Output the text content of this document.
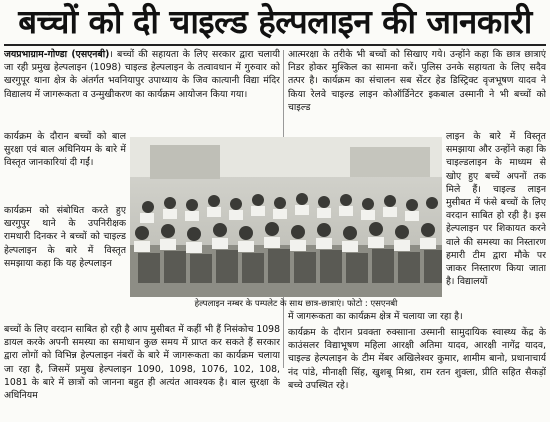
बच्चों को दी चाइल्ड हेल्पलाइन की जानकारी

जयप्रभाग्राम-गोण्डा (एसएनबी)। बच्चों की सहायता के लिए सरकार द्वारा चलायी जा रही प्रमुख हेल्पलाइन (1098) चाइल्ड हेल्पलाइन के तत्वावधान में गुरुवार को खरगुपूर थाना क्षेत्र के अंतर्गत भवनियापुर उपाध्याय के जिव कात्यानी विद्या मंदिर विद्यालय में जागरूकता व उन्मुखीकरण का कार्यक्रम आयोजन किया गया।

आत्मरक्षा के तरीके भी बच्चों को सिखाए गये। उन्होंने कहा कि छात्र छात्राएं निडर होकर मुश्किल का सामना करें। पुलिस उनके सहायता के लिए सदैव तत्पर है। कार्यक्रम का संचालन सब सेंटर हेड डिस्ट्रिक्ट वृजभूषण यादव ने किया रेलवे चाइल्ड लाइन कोऑर्डिनेटर इकबाल उस्मानी ने भी बच्चों को चाइल्ड

कार्यक्रम के दौरान बच्चों को बाल सुरक्षा एवं बाल अधिनियम के बारे में विस्तृत जानकारियां दी गईं।

कार्यक्रम को संबोधित करते हुए खरगुपुर थाने के उपनिरीक्षक रामधारी दिनकर ने बच्चों को चाइल्ड हेल्पलाइन के बारे में विस्तृत समझाया कहा कि यह हेल्पलाइन

लाइन के बारे में विस्तृत समझाया और उन्होंने कहा कि चाइल्डलाइन के माध्यम से खोए हुए बच्चें अपनों तक मिले हैं। चाइल्ड लाइन मुसीबत में फंसे बच्चों के लिए वरदान साबित हो रही है। इस हेल्पलाइन पर शिकायत करने वाले की समस्या का निस्तारण हमारी टीम द्वारा मौके पर जाकर निस्तारण किया जाता है। विद्यालयों

हेल्पलाइन नम्बर के पम्पलेट के साथ छात्र-छात्राएं। फोटो : एसएनबी

बच्चों के लिए वरदान साबित हो रही है आप मुसीबत में कहीं भी हैं निसंकोच 1098 डायल करके अपनी समस्या का समाधान कुछ समय में प्राप्त कर सकते हैं सरकार द्वारा लोगों को विभिन्न हेल्पलाइन नंबरों के बारे में जागरूकता का कार्यक्रम चलाया जा रहा है, जिसमें प्रमुख हेल्पलाइन 1090, 1098, 1076, 102, 108, 1081 के बारे में छात्रों को जानना बहुत ही अत्यंत आवश्यक है। बाल सुरक्षा के अधिनियम

में जागरूकता का कार्यक्रम क्षेत्र में चलाया जा रहा है।

कार्यक्रम के दौरान प्रवक्ता रुक्सााना उस्मानी सामुदायिक स्वास्थ्य केंद्र के काउंसलर विद्याभूषण महिला आरक्षी अतिमा यादव, आरक्षी नागेंद्र यादव, चाइल्ड हेल्पलाइन के टीम मेंबर अखिलेश्वर कुमार, शामीम बानो, प्रधानाचार्य नंद पांडे, मीनाक्षी सिंह, खुशबू मिश्रा, राम रतन शुक्ला, प्रीति सहित सैकड़ों बच्चे उपस्थित रहे।
